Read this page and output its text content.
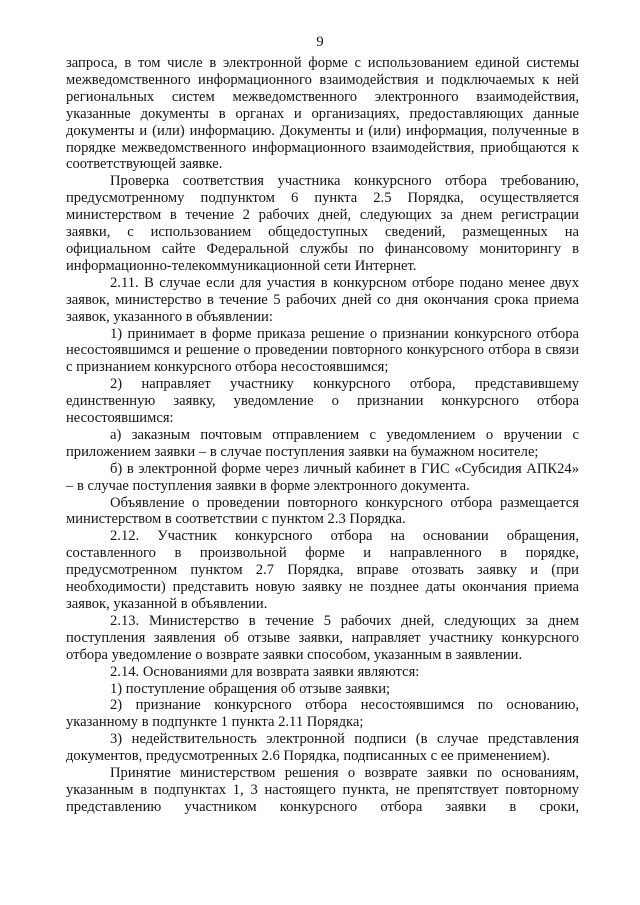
9

запроса, в том числе в электронной форме с использованием единой системы межведомственного информационного взаимодействия и подключаемых к ней региональных систем межведомственного электронного взаимодействия, указанные документы в органах и организациях, предоставляющих данные документы и (или) информацию. Документы и (или) информация, полученные в порядке межведомственного информационного взаимодействия, приобщаются к соответствующей заявке.

Проверка соответствия участника конкурсного отбора требованию, предусмотренному подпунктом 6 пункта 2.5 Порядка, осуществляется министерством в течение 2 рабочих дней, следующих за днем регистрации заявки, с использованием общедоступных сведений, размещенных на официальном сайте Федеральной службы по финансовому мониторингу в информационно-телекоммуникационной сети Интернет.

2.11. В случае если для участия в конкурсном отборе подано менее двух заявок, министерство в течение 5 рабочих дней со дня окончания срока приема заявок, указанного в объявлении:

1) принимает в форме приказа решение о признании конкурсного отбора несостоявшимся и решение о проведении повторного конкурсного отбора в связи с признанием конкурсного отбора несостоявшимся;

2) направляет участнику конкурсного отбора, представившему единственную заявку, уведомление о признании конкурсного отбора несостоявшимся:

а) заказным почтовым отправлением с уведомлением о вручении с приложением заявки – в случае поступления заявки на бумажном носителе;

б) в электронной форме через личный кабинет в ГИС «Субсидия АПК24» – в случае поступления заявки в форме электронного документа.

Объявление о проведении повторного конкурсного отбора размещается министерством в соответствии с пунктом 2.3 Порядка.

2.12. Участник конкурсного отбора на основании обращения, составленного в произвольной форме и направленного в порядке, предусмотренном пунктом 2.7 Порядка, вправе отозвать заявку и (при необходимости) представить новую заявку не позднее даты окончания приема заявок, указанной в объявлении.

2.13. Министерство в течение 5 рабочих дней, следующих за днем поступления заявления об отзыве заявки, направляет участнику конкурсного отбора уведомление о возврате заявки способом, указанным в заявлении.

2.14. Основаниями для возврата заявки являются:

1) поступление обращения об отзыве заявки;

2) признание конкурсного отбора несостоявшимся по основанию, указанному в подпункте 1 пункта 2.11 Порядка;

3) недействительность электронной подписи (в случае представления документов, предусмотренных 2.6 Порядка, подписанных с ее применением).

Принятие министерством решения о возврате заявки по основаниям, указанным в подпунктах 1, 3 настоящего пункта, не препятствует повторному представлению участником конкурсного отбора заявки в сроки,
